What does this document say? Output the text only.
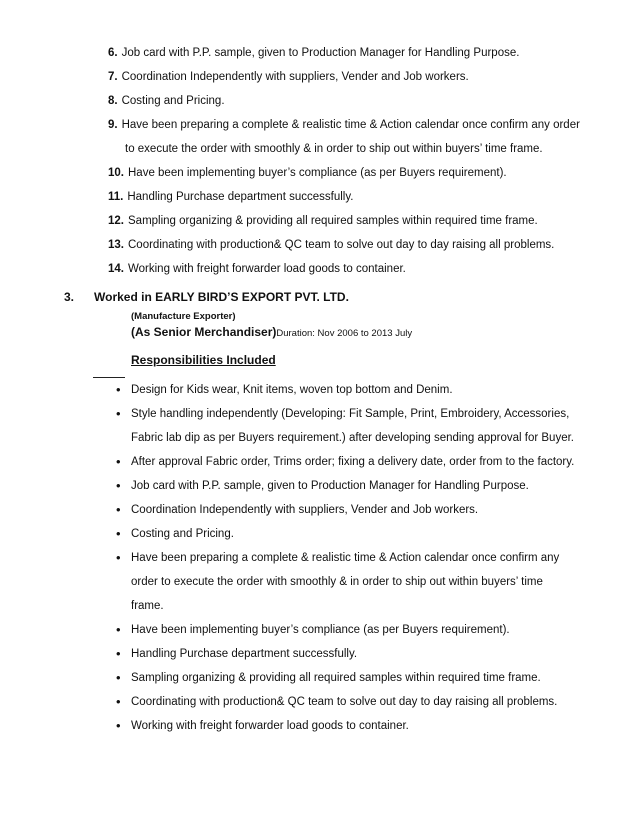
6. Job card with P.P. sample, given to Production Manager for Handling Purpose.
7. Coordination Independently with suppliers, Vender and Job workers.
8. Costing and Pricing.
9. Have been preparing a complete & realistic time & Action calendar once confirm any order
to execute the order with smoothly & in order to ship out within buyers’ time frame.
10. Have been implementing buyer’s compliance (as per Buyers requirement).
11. Handling Purchase department successfully.
12. Sampling organizing & providing all required samples within required time frame.
13. Coordinating with production& QC team to solve out day to day raising all problems.
14. Working with freight forwarder load goods to container.
3. Worked in EARLY BIRD’S EXPORT PVT. LTD.
(Manufacture Exporter)
(As Senior Merchandiser)Duration: Nov 2006 to 2013 July
Responsibilities Included
• Design for Kids wear, Knit items, woven top bottom and Denim.
• Style handling independently (Developing: Fit Sample, Print, Embroidery, Accessories,
Fabric lab dip as per Buyers requirement.) after developing sending approval for Buyer.
• After approval Fabric order, Trims order; fixing a delivery date, order from to the factory.
• Job card with P.P. sample, given to Production Manager for Handling Purpose.
• Coordination Independently with suppliers, Vender and Job workers.
• Costing and Pricing.
• Have been preparing a complete & realistic time & Action calendar once confirm any
order to execute the order with smoothly & in order to ship out within buyers’ time
frame.
• Have been implementing buyer’s compliance (as per Buyers requirement).
• Handling Purchase department successfully.
• Sampling organizing & providing all required samples within required time frame.
• Coordinating with production& QC team to solve out day to day raising all problems.
• Working with freight forwarder load goods to container.
